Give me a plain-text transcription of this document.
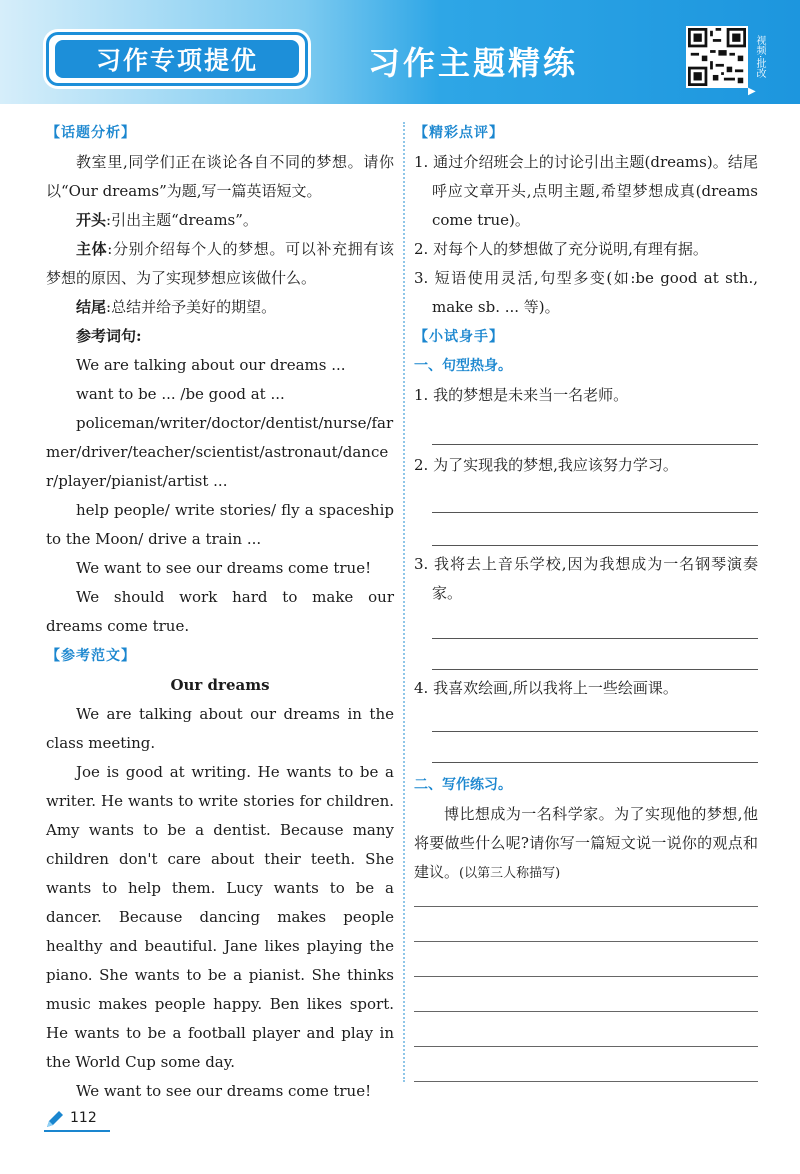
习作专项提优	习作主题精练	视频·批改
▶
【话题分析】

教室里,同学们正在谈论各自不同的梦想。请你以“Our dreams”为题,写一篇英语短文。

开头:引出主题“dreams”。

主体:分别介绍每个人的梦想。可以补充拥有该梦想的原因、为了实现梦想应该做什么。

结尾:总结并给予美好的期望。

参考词句:

We are talking about our dreams ...

want to be ... /be good at ...

policeman/writer/doctor/dentist/nurse/farmer/driver/teacher/scientist/astronaut/dancer/player/pianist/artist ...

help people/ write stories/ fly a spaceship to the Moon/ drive a train ...

We want to see our dreams come true!

We should work hard to make our dreams come true.

【参考范文】

Our dreams

We are talking about our dreams in the class meeting.

Joe is good at writing. He wants to be a writer. He wants to write stories for children. Amy wants to be a dentist. Because many children don't care about their teeth. She wants to help them. Lucy wants to be a dancer. Because dancing makes people healthy and beautiful. Jane likes playing the piano. She wants to be a pianist. She thinks music makes people happy. Ben likes sport. He wants to be a football player and play in the World Cup some day.

We want to see our dreams come true!

【精彩点评】

1. 通过介绍班会上的讨论引出主题(dreams)。结尾呼应文章开头,点明主题,希望梦想成真(dreams come true)。

2. 对每个人的梦想做了充分说明,有理有据。

3. 短语使用灵活,句型多变(如:be good at sth., make sb. ... 等)。

【小试身手】

一、句型热身。

1. 我的梦想是未来当一名老师。

2. 为了实现我的梦想,我应该努力学习。

3. 我将去上音乐学校,因为我想成为一名钢琴演奏家。

4. 我喜欢绘画,所以我将上一些绘画课。

二、写作练习。

博比想成为一名科学家。为了实现他的梦想,他将要做些什么呢?请你写一篇短文说一说你的观点和建议。(以第三人称描写)

112
